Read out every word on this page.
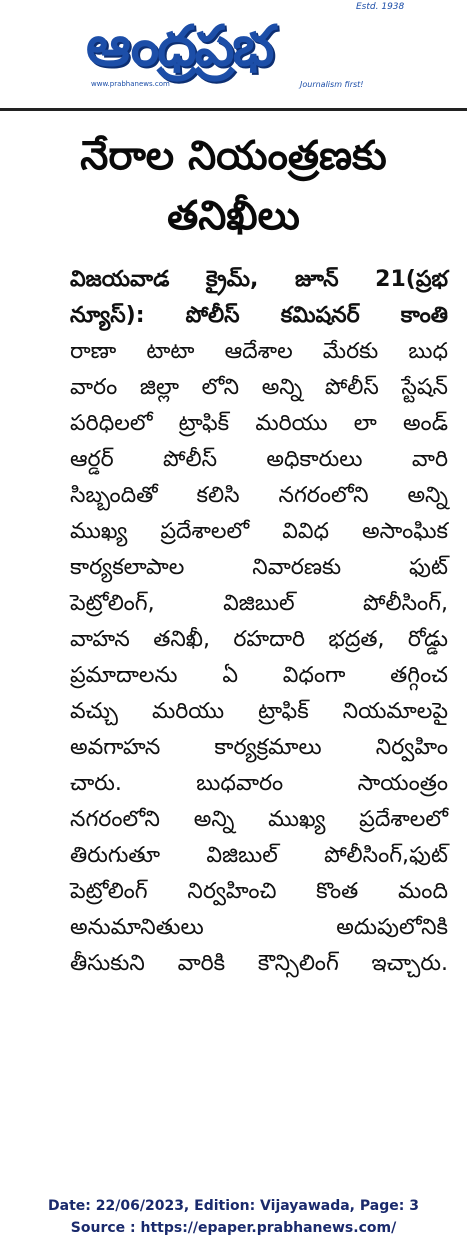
ఆంధ్రప్రభ
Estd. 1938
www.prabhanews.com	Journalism first!
నేరాల నియంత్రణకు
తనిఖీలు
విజయవాడ క్రైమ్, జూన్ 21(ప్రభ
న్యూస్): పోలీస్ కమిషనర్ కాంతి
రాణా టాటా ఆదేశాల మేరకు బుధ
వారం జిల్లా లోని అన్ని పోలీస్ స్టేషన్
పరిధిలలో ట్రాఫిక్ మరియు లా అండ్
ఆర్డర్ పోలీస్ అధికారులు వారి
సిబ్బందితో కలిసి నగరంలోని అన్ని
ముఖ్య ప్రదేశాలలో వివిధ అసాంఘిక
కార్యకలాపాల నివారణకు ఫుట్
పెట్రోలింగ్, విజిబుల్ పోలీసింగ్,
వాహన తనిఖీ, రహదారి భద్రత, రోడ్డు
ప్రమాదాలను ఏ విధంగా తగ్గించ
వచ్చు మరియు ట్రాఫిక్ నియమాలపై
అవగాహన కార్యక్రమాలు నిర్వహిం
చారు. బుధవారం సాయంత్రం
నగరంలోని అన్ని ముఖ్య ప్రదేశాలలో
తిరుగుతూ విజిబుల్ పోలీసింగ్,ఫుట్
పెట్రోలింగ్ నిర్వహించి కొంత మంది
అనుమానితులు అదుపులోనికి
తీసుకుని వారికి కౌన్సిలింగ్ ఇచ్చారు.
Date: 22/06/2023, Edition: Vijayawada, Page: 3
Source : https://epaper.prabhanews.com/
